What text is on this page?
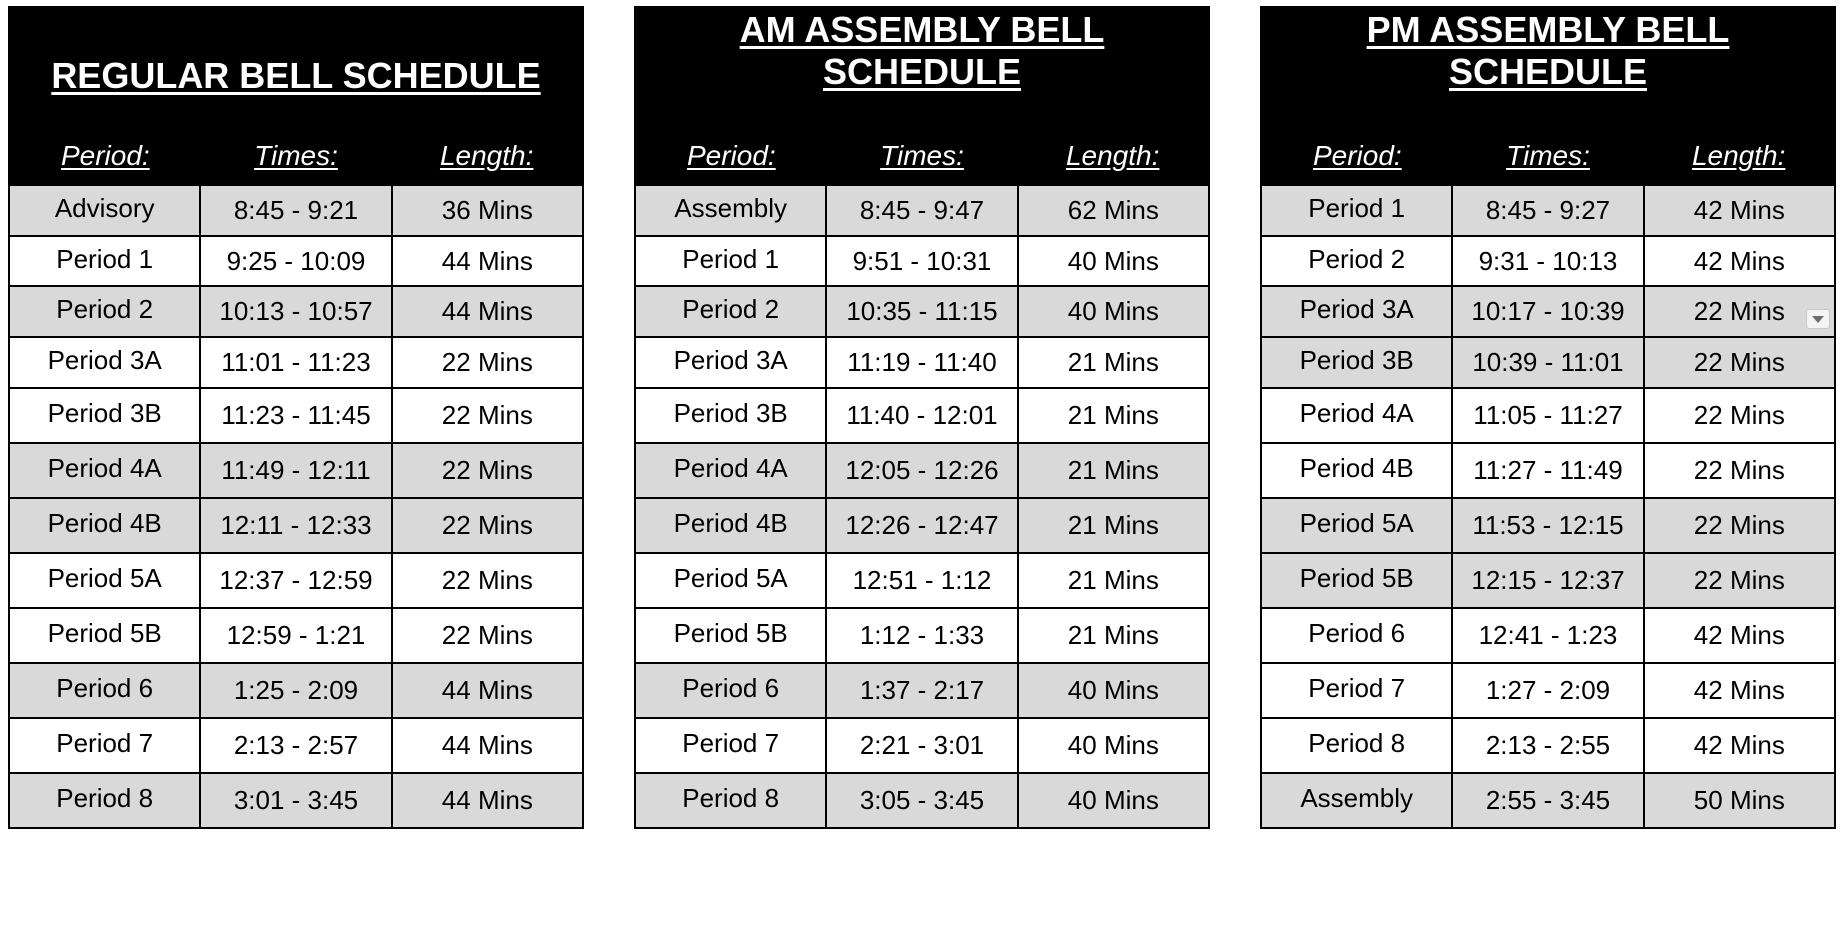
REGULAR BELL SCHEDULE
Period:	Times:	Length:
Advisory	8:45 - 9:21	36 Mins
Period 1	9:25 - 10:09	44 Mins
Period 2	10:13 - 10:57	44 Mins
Period 3A	11:01 - 11:23	22 Mins
Period 3B	11:23 - 11:45	22 Mins
Period 4A	11:49 - 12:11	22 Mins
Period 4B	12:11 - 12:33	22 Mins
Period 5A	12:37 - 12:59	22 Mins
Period 5B	12:59 - 1:21	22 Mins
Period 6	1:25 - 2:09	44 Mins
Period 7	2:13 - 2:57	44 Mins
Period 8	3:01 - 3:45	44 Mins
AM ASSEMBLY BELL SCHEDULE
Period:	Times:	Length:
Assembly	8:45 - 9:47	62 Mins
Period 1	9:51 - 10:31	40 Mins
Period 2	10:35 - 11:15	40 Mins
Period 3A	11:19 - 11:40	21 Mins
Period 3B	11:40 - 12:01	21 Mins
Period 4A	12:05 - 12:26	21 Mins
Period 4B	12:26 - 12:47	21 Mins
Period 5A	12:51 - 1:12	21 Mins
Period 5B	1:12 - 1:33	21 Mins
Period 6	1:37 - 2:17	40 Mins
Period 7	2:21 - 3:01	40 Mins
Period 8	3:05 - 3:45	40 Mins
PM ASSEMBLY BELL SCHEDULE
Period:	Times:	Length:
Period 1	8:45 - 9:27	42 Mins
Period 2	9:31 - 10:13	42 Mins
Period 3A	10:17 - 10:39	22 Mins
Period 3B	10:39 - 11:01	22 Mins
Period 4A	11:05 - 11:27	22 Mins
Period 4B	11:27 - 11:49	22 Mins
Period 5A	11:53 - 12:15	22 Mins
Period 5B	12:15 - 12:37	22 Mins
Period 6	12:41 - 1:23	42 Mins
Period 7	1:27 - 2:09	42 Mins
Period 8	2:13 - 2:55	42 Mins
Assembly	2:55 - 3:45	50 Mins
